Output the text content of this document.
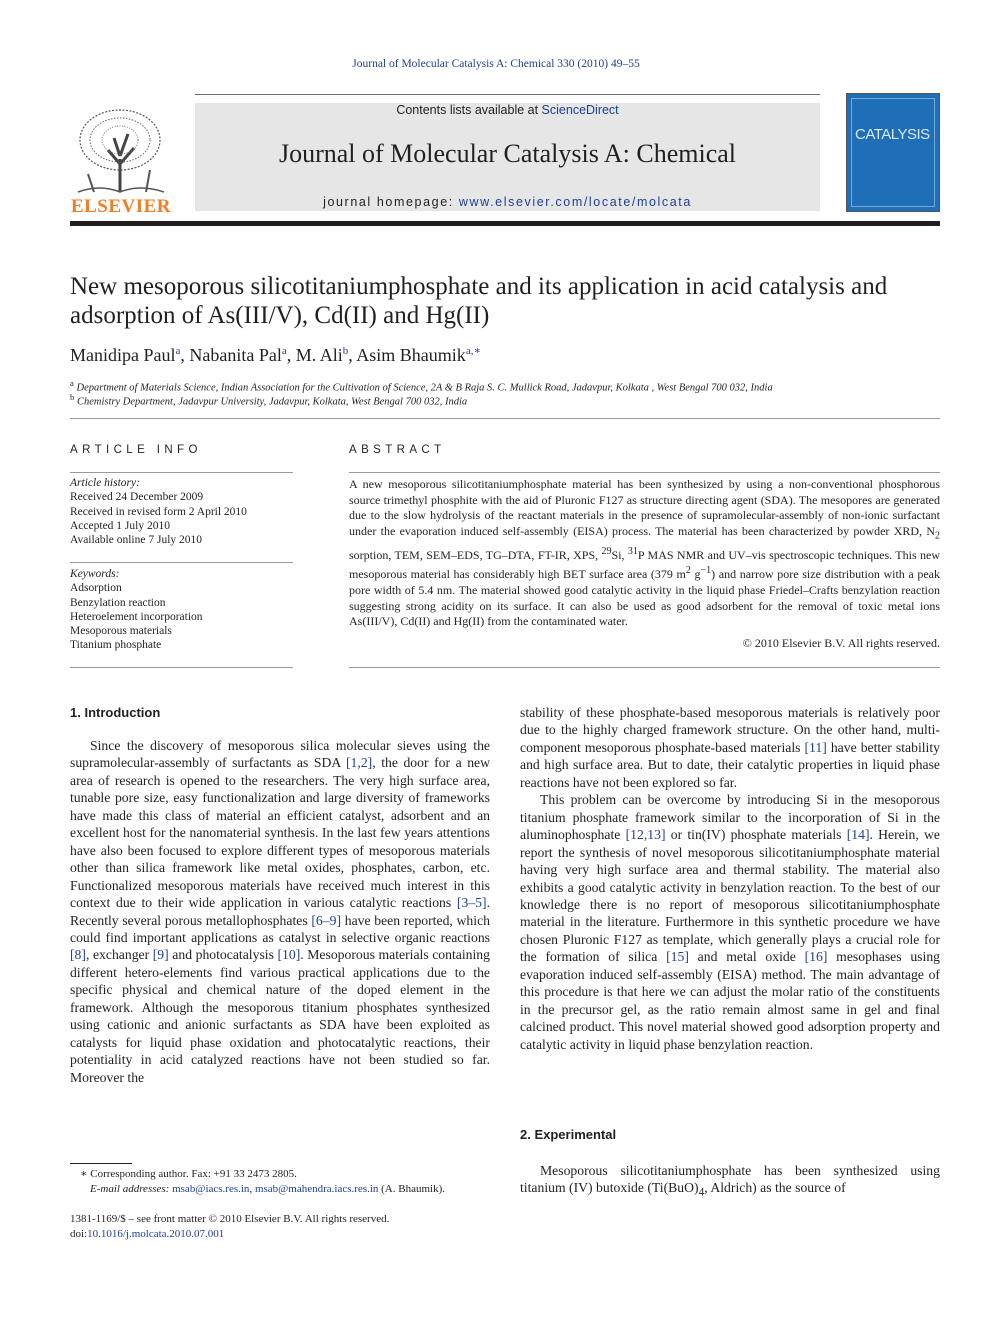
Journal of Molecular Catalysis A: Chemical 330 (2010) 49–55
ELSEVIER
Contents lists available at ScienceDirect
Journal of Molecular Catalysis A: Chemical
journal homepage: www.elsevier.com/locate/molcata
CATALYSIS
New mesoporous silicotitaniumphosphate and its application in acid catalysis and adsorption of As(III/V), Cd(II) and Hg(II)
Manidipa Paul$^a$, Nabanita Pal$^a$, M. Ali$^b$, Asim Bhaumik$^{a,∗}$
$^a$ Department of Materials Science, Indian Association for the Cultivation of Science, 2A & B Raja S. C. Mullick Road, Jadavpur, Kolkata , West Bengal 700 032, India
$^b$ Chemistry Department, Jadavpur University, Jadavpur, Kolkata, West Bengal 700 032, India
ARTICLE INFO
Article history:
Received 24 December 2009
Received in revised form 2 April 2010
Accepted 1 July 2010
Available online 7 July 2010
Keywords:
Adsorption
Benzylation reaction
Heteroelement incorporation
Mesoporous materials
Titanium phosphate
ABSTRACT
A new mesoporous silicotitaniumphosphate material has been synthesized by using a non-conventional phosphorous source trimethyl phosphite with the aid of Pluronic F127 as structure directing agent (SDA). The mesopores are generated due to the slow hydrolysis of the reactant materials in the presence of supramolecular-assembly of non-ionic surfactant under the evaporation induced self-assembly (EISA) process. The material has been characterized by powder XRD, $N_2$ sorption, TEM, SEM–EDS, TG–DTA, FT-IR, XPS, $^{29}$Si, $^{31}$P MAS NMR and UV–vis spectroscopic techniques. This new mesoporous material has considerably high BET surface area (379 $m^2$ $g^{-1}$) and narrow pore size distribution with a peak pore width of 5.4 nm. The material showed good catalytic activity in the liquid phase Friedel–Crafts benzylation reaction suggesting strong acidity on its surface. It can also be used as good adsorbent for the removal of toxic metal ions As(III/V), Cd(II) and Hg(II) from the contaminated water.
© 2010 Elsevier B.V. All rights reserved.
1. Introduction

Since the discovery of mesoporous silica molecular sieves using the supramolecular-assembly of surfactants as SDA [1,2], the door for a new area of research is opened to the researchers. The very high surface area, tunable pore size, easy functionalization and large diversity of frameworks have made this class of material an efficient catalyst, adsorbent and an excellent host for the nanomaterial synthesis. In the last few years attentions have also been focused to explore different types of mesoporous materials other than silica framework like metal oxides, phosphates, carbon, etc. Functionalized mesoporous materials have received much interest in this context due to their wide application in various catalytic reactions [3–5]. Recently several porous metallophosphates [6–9] have been reported, which could find important applications as catalyst in selective organic reactions [8], exchanger [9] and photocatalysis [10]. Mesoporous materials containing different hetero-elements find various practical applications due to the specific physical and chemical nature of the doped element in the framework. Although the mesoporous titanium phosphates synthesized using cationic and anionic surfactants as SDA have been exploited as catalysts for liquid phase oxidation and photocatalytic reactions, their potentiality in acid catalyzed reactions have not been studied so far. Moreover the

stability of these phosphate-based mesoporous materials is relatively poor due to the highly charged framework structure. On the other hand, multi-component mesoporous phosphate-based materials [11] have better stability and high surface area. But to date, their catalytic properties in liquid phase reactions have not been explored so far.

This problem can be overcome by introducing Si in the mesoporous titanium phosphate framework similar to the incorporation of Si in the aluminophosphate [12,13] or tin(IV) phosphate materials [14]. Herein, we report the synthesis of novel mesoporous silicotitaniumphosphate material having very high surface area and thermal stability. The material also exhibits a good catalytic activity in benzylation reaction. To the best of our knowledge there is no report of mesoporous silicotitaniumphosphate material in the literature. Furthermore in this synthetic procedure we have chosen Pluronic F127 as template, which generally plays a crucial role for the formation of silica [15] and metal oxide [16] mesophases using evaporation induced self-assembly (EISA) method. The main advantage of this procedure is that here we can adjust the molar ratio of the constituents in the precursor gel, as the ratio remain almost same in gel and final calcined product. This novel material showed good adsorption property and catalytic activity in liquid phase benzylation reaction.

2. Experimental

Mesoporous silicotitaniumphosphate has been synthesized using titanium (IV) butoxide ($Ti(BuO)_4$, Aldrich) as the source of

∗ Corresponding author. Fax: +91 33 2473 2805.
E-mail addresses: msab@iacs.res.in, msab@mahendra.iacs.res.in (A. Bhaumik).
1381-1169/$ – see front matter © 2010 Elsevier B.V. All rights reserved.
doi:10.1016/j.molcata.2010.07.001
